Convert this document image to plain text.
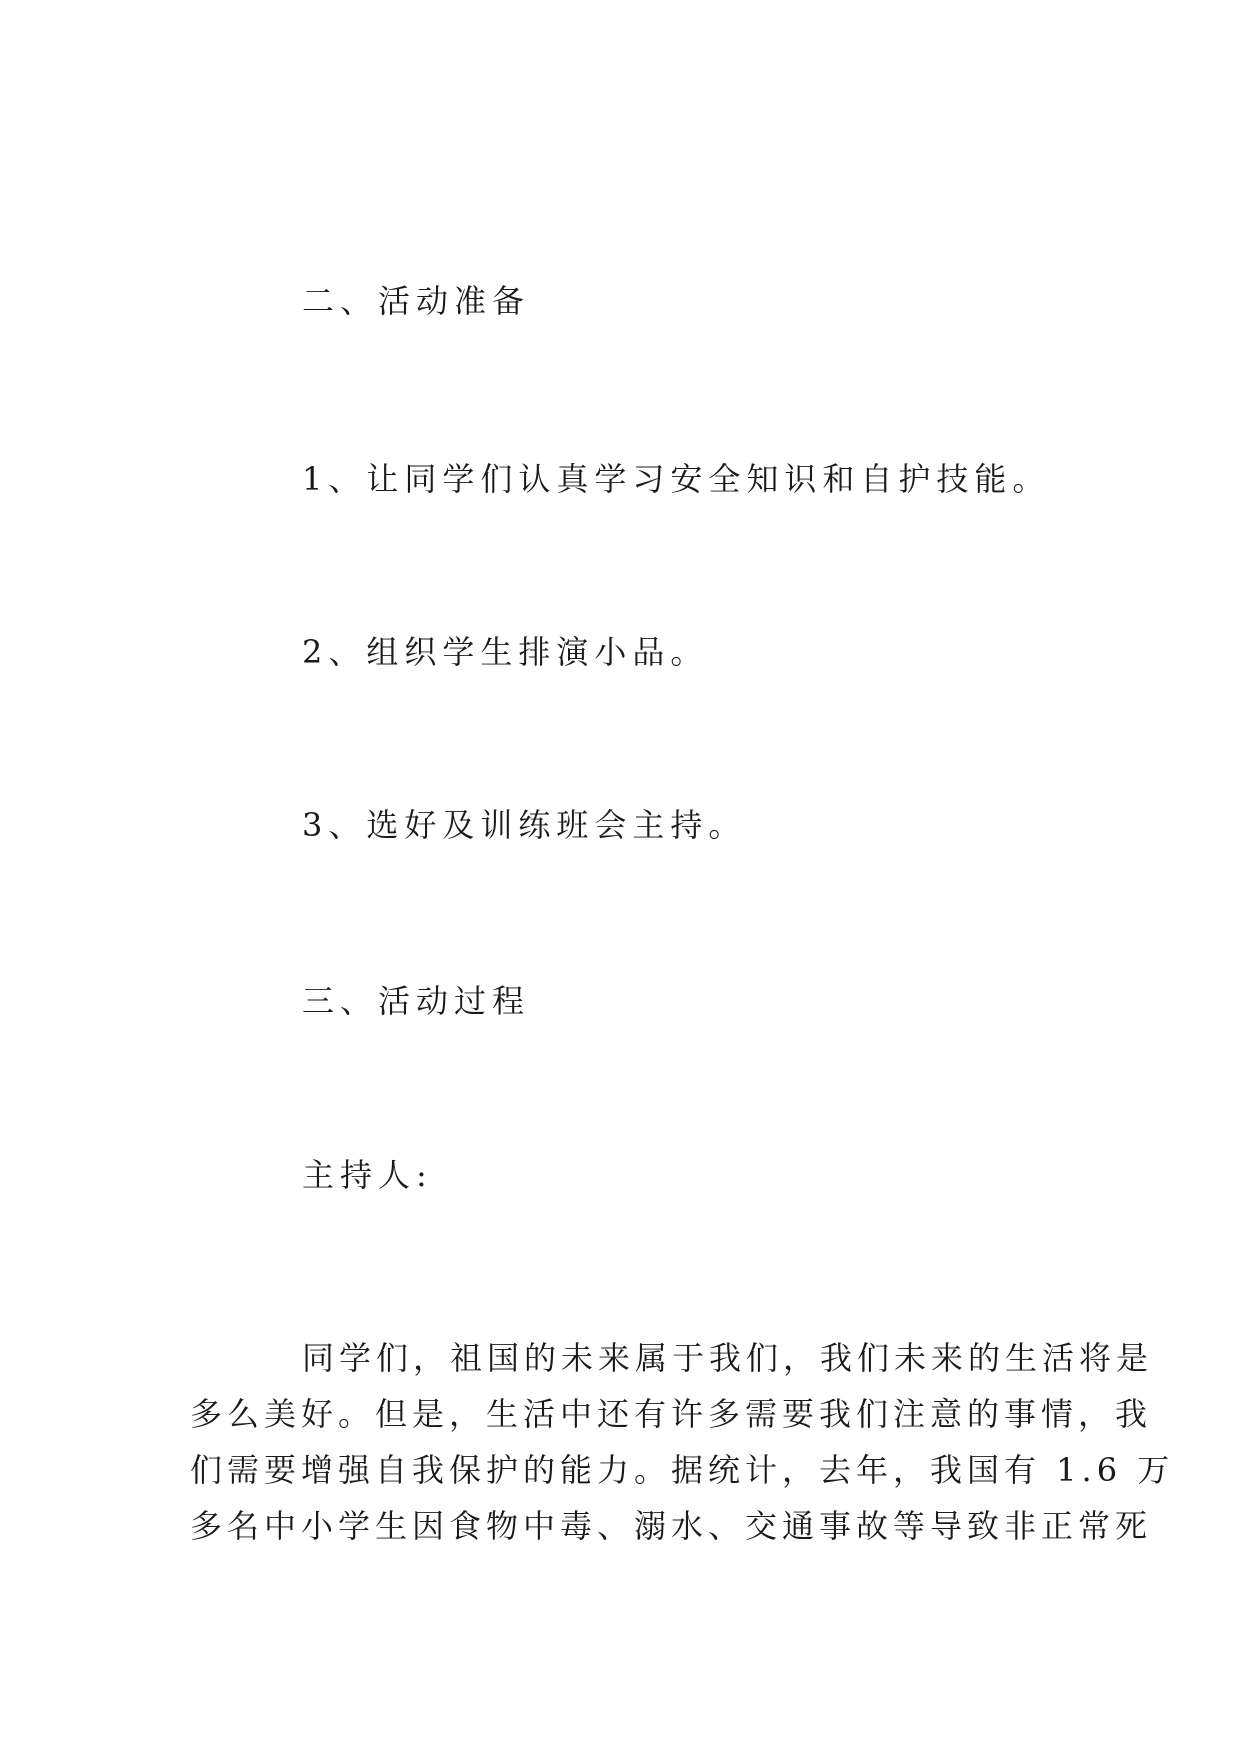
二、活动准备
1、让同学们认真学习安全知识和自护技能。
2、组织学生排演小品。
3、选好及训练班会主持。
三、活动过程
主持人:
同学们，祖国的未来属于我们，我们未来的生活将是
多么美好。但是，生活中还有许多需要我们注意的事情，我
们需要增强自我保护的能力。据统计，去年，我国有 1.6 万
多名中小学生因食物中毒、溺水、交通事故等导致非正常死
